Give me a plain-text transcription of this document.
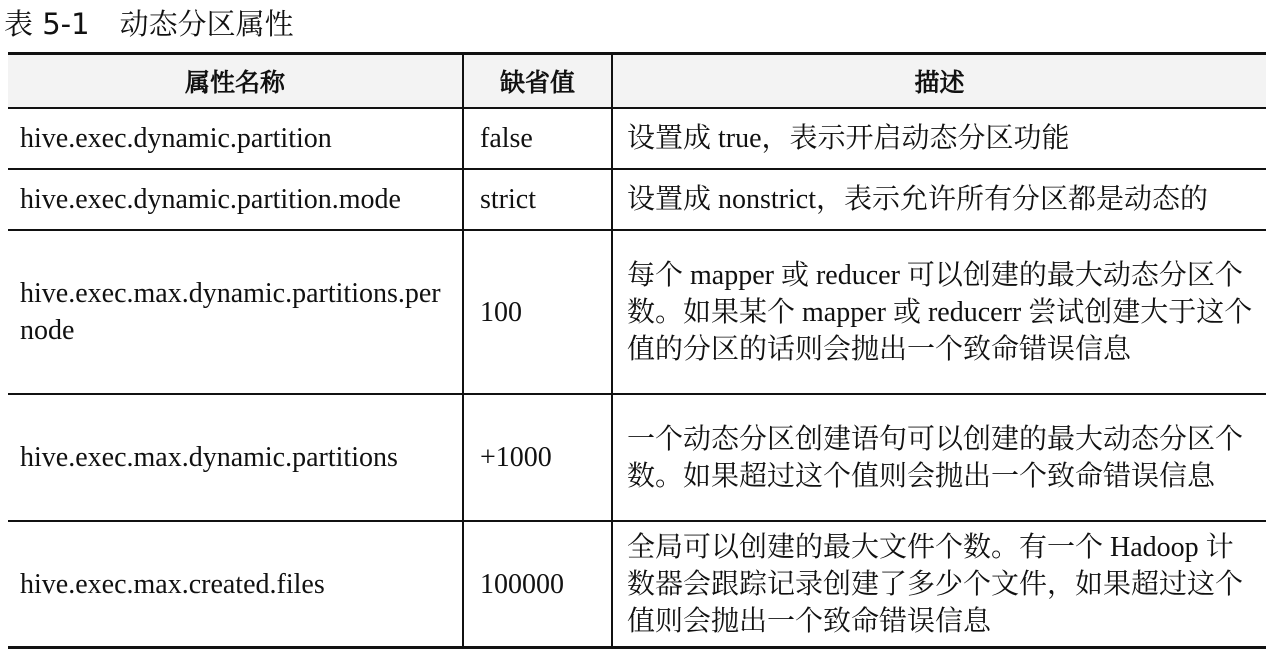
表 5-1 动态分区属性
属性名称	缺省值	描述
hive.exec.dynamic.partition	false	设置成 true，表示开启动态分区功能
hive.exec.dynamic.partition.mode	strict	设置成 nonstrict，表示允许所有分区都是动态的
hive.exec.max.dynamic.partitions.pernode	100	每个 mapper 或 reducer 可以创建的最大动态分区个数。如果某个 mapper 或 reducerr 尝试创建大于这个值的分区的话则会抛出一个致命错误信息
hive.exec.max.dynamic.partitions	+1000	一个动态分区创建语句可以创建的最大动态分区个数。如果超过这个值则会抛出一个致命错误信息
hive.exec.max.created.files	100000	全局可以创建的最大文件个数。有一个 Hadoop 计数器会跟踪记录创建了多少个文件，如果超过这个值则会抛出一个致命错误信息
